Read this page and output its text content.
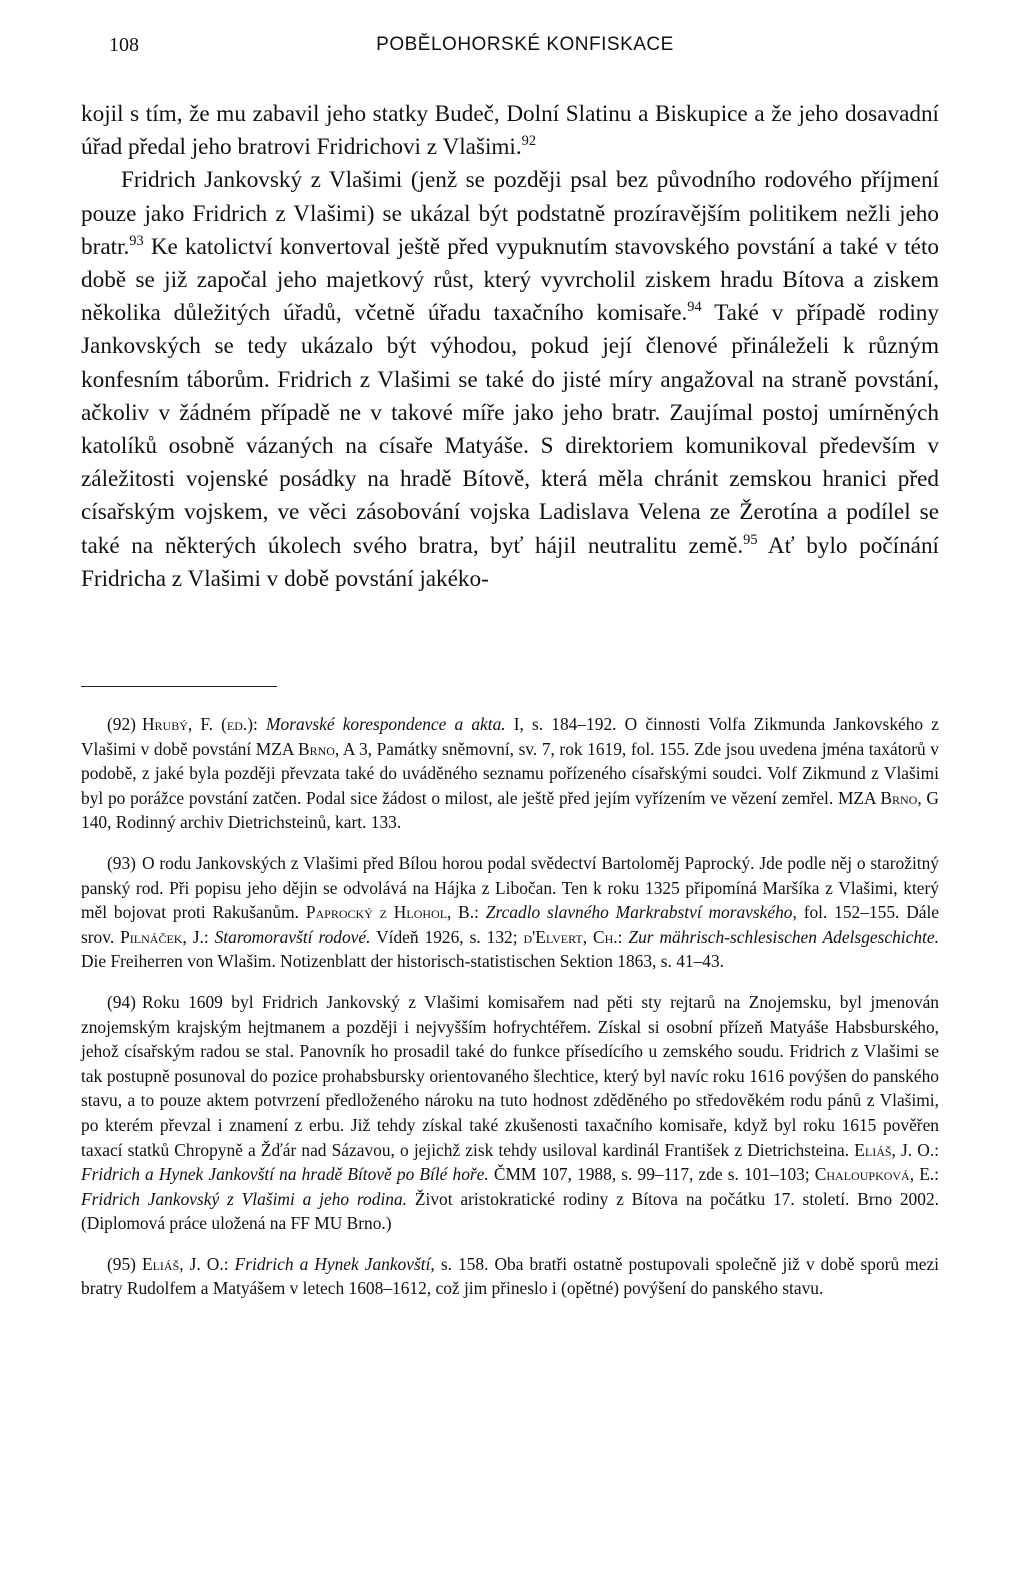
108	POBĚLOHORSKÉ KONFISKACE

kojil s tím, že mu zabavil jeho statky Budeč, Dolní Slatinu a Biskupice a že jeho dosavadní úřad předal jeho bratrovi Fridrichovi z Vlašimi.$^{92}$

Fridrich Jankovský z Vlašimi (jenž se později psal bez původního rodového příjmení pouze jako Fridrich z Vlašimi) se ukázal být podstatně prozíravějším politikem nežli jeho bratr.$^{93}$ Ke katolictví konvertoval ještě před vypuknutím stavovského povstání a také v této době se již započal jeho majetkový růst, který vyvrcholil ziskem hradu Bítova a ziskem několika důležitých úřadů, včetně úřadu taxačního komisaře.$^{94}$ Také v případě rodiny Jankovských se tedy ukázalo být výhodou, pokud její členové přináleželi k různým konfesním táborům. Fridrich z Vlašimi se také do jisté míry angažoval na straně povstání, ačkoliv v žádném případě ne v takové míře jako jeho bratr. Zaujímal postoj umírněných katolíků osobně vázaných na císaře Matyáše. S direktoriem komunikoval především v záležitosti vojenské posádky na hradě Bítově, která měla chránit zemskou hranici před císařským vojskem, ve věci zásobování vojska Ladislava Velena ze Žerotína a podílel se také na některých úkolech svého bratra, byť hájil neutralitu země.$^{95}$ Ať bylo počínání Fridricha z Vlašimi v době povstání jakéko-

(92) Hrubý, F. (ed.): Moravské korespondence a akta. I, s. 184–192. O činnosti Volfa Zikmunda Jankovského z Vlašimi v době povstání MZA Brno, A 3, Památky sněmovní, sv. 7, rok 1619, fol. 155. Zde jsou uvedena jména taxátorů v podobě, z jaké byla později převzata také do uváděného seznamu pořízeného císařskými soudci. Volf Zikmund z Vlašimi byl po porážce povstání zatčen. Podal sice žádost o milost, ale ještě před jejím vyřízením ve vězení zemřel. MZA Brno, G 140, Rodinný archiv Dietrichsteinů, kart. 133.

(93) O rodu Jankovských z Vlašimi před Bílou horou podal svědectví Bartoloměj Paprocký. Jde podle něj o starožitný panský rod. Při popisu jeho dějin se odvolává na Hájka z Libočan. Ten k roku 1325 připomíná Maršíka z Vlašimi, který měl bojovat proti Rakušanům. Paprocký z Hlohol, B.: Zrcadlo slavného Markrabství moravského, fol. 152–155. Dále srov. Pilnáček, J.: Staromoravští rodové. Vídeň 1926, s. 132; d'Elvert, Ch.: Zur mährisch-schlesischen Adelsgeschichte. Die Freiherren von Wlašim. Notizenblatt der historisch-statistischen Sektion 1863, s. 41–43.

(94) Roku 1609 byl Fridrich Jankovský z Vlašimi komisařem nad pěti sty rejtarů na Znojemsku, byl jmenován znojemským krajským hejtmanem a později i nejvyšším hofrychtéřem. Získal si osobní přízeň Matyáše Habsburského, jehož císařským radou se stal. Panovník ho prosadil také do funkce přísedícího u zemského soudu. Fridrich z Vlašimi se tak postupně posunoval do pozice prohabsbursky orientovaného šlechtice, který byl navíc roku 1616 povýšen do panského stavu, a to pouze aktem potvrzení předloženého nároku na tuto hodnost zděděného po středověkém rodu pánů z Vlašimi, po kterém převzal i znamení z erbu. Již tehdy získal také zkušenosti taxačního komisaře, když byl roku 1615 pověřen taxací statků Chropyně a Žďár nad Sázavou, o jejichž zisk tehdy usiloval kardinál František z Dietrichsteina. Eliáš, J. O.: Fridrich a Hynek Jankovští na hradě Bítově po Bílé hoře. ČMM 107, 1988, s. 99–117, zde s. 101–103; Chaloupková, E.: Fridrich Jankovský z Vlašimi a jeho rodina. Život aristokratické rodiny z Bítova na počátku 17. století. Brno 2002. (Diplomová práce uložená na FF MU Brno.)

(95) Eliáš, J. O.: Fridrich a Hynek Jankovští, s. 158. Oba bratři ostatně postupovali společně již v době sporů mezi bratry Rudolfem a Matyášem v letech 1608–1612, což jim přineslo i (opětné) povýšení do panského stavu.
